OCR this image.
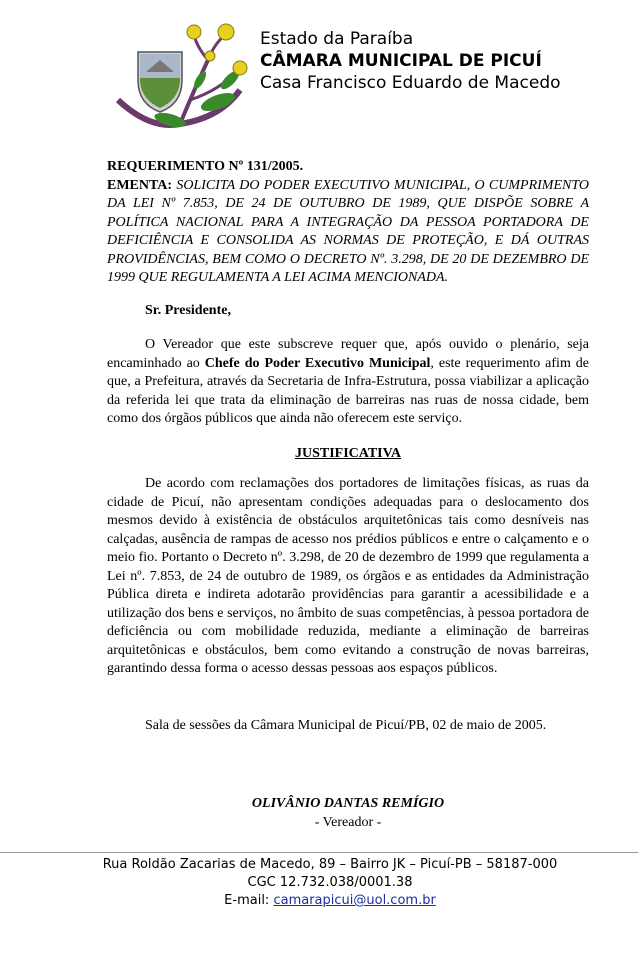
Estado da Paraíba
CÂMARA MUNICIPAL DE PICUÍ
Casa Francisco Eduardo de Macedo

REQUERIMENTO Nº 131/2005.

EMENTA: SOLICITA DO PODER EXECUTIVO MUNICIPAL, O CUMPRIMENTO DA LEI Nº 7.853, DE 24 DE OUTUBRO DE 1989, QUE DISPÕE SOBRE A POLÍTICA NACIONAL PARA A INTEGRAÇÃO DA PESSOA PORTADORA DE DEFICIÊNCIA E CONSOLIDA AS NORMAS DE PROTEÇÃO, E DÁ OUTRAS PROVIDÊNCIAS, BEM COMO O DECRETO Nº. 3.298, DE 20 DE DEZEMBRO DE 1999 QUE REGULAMENTA A LEI ACIMA MENCIONADA.

Sr. Presidente,

O Vereador que este subscreve requer que, após ouvido o plenário, seja encaminhado ao Chefe do Poder Executivo Municipal, este requerimento afim de que, a Prefeitura, através da Secretaria de Infra-Estrutura, possa viabilizar a aplicação da referida lei que trata da eliminação de barreiras nas ruas de nossa cidade, bem como dos órgãos públicos que ainda não oferecem este serviço.

JUSTIFICATIVA

De acordo com reclamações dos portadores de limitações físicas, as ruas da cidade de Picuí, não apresentam condições adequadas para o deslocamento dos mesmos devido à existência de obstáculos arquitetônicas tais como desníveis nas calçadas, ausência de rampas de acesso nos prédios públicos e entre o calçamento e o meio fio. Portanto o Decreto nº. 3.298, de 20 de dezembro de 1999 que regulamenta a Lei nº. 7.853, de 24 de outubro de 1989, os órgãos e as entidades da Administração Pública direta e indireta adotarão providências para garantir a acessibilidade e a utilização dos bens e serviços, no âmbito de suas competências, à pessoa portadora de deficiência ou com mobilidade reduzida, mediante a eliminação de barreiras arquitetônicas e obstáculos, bem como evitando a construção de novas barreiras, garantindo dessa forma o acesso dessas pessoas aos espaços públicos.

Sala de sessões da Câmara Municipal de Picuí/PB, 02 de maio de 2005.

OLIVÂNIO DANTAS REMÍGIO
- Vereador -
Rua Roldão Zacarias de Macedo, 89 – Bairro JK – Picuí-PB – 58187-000
CGC 12.732.038/0001.38
E-mail: camarapicui@uol.com.br
